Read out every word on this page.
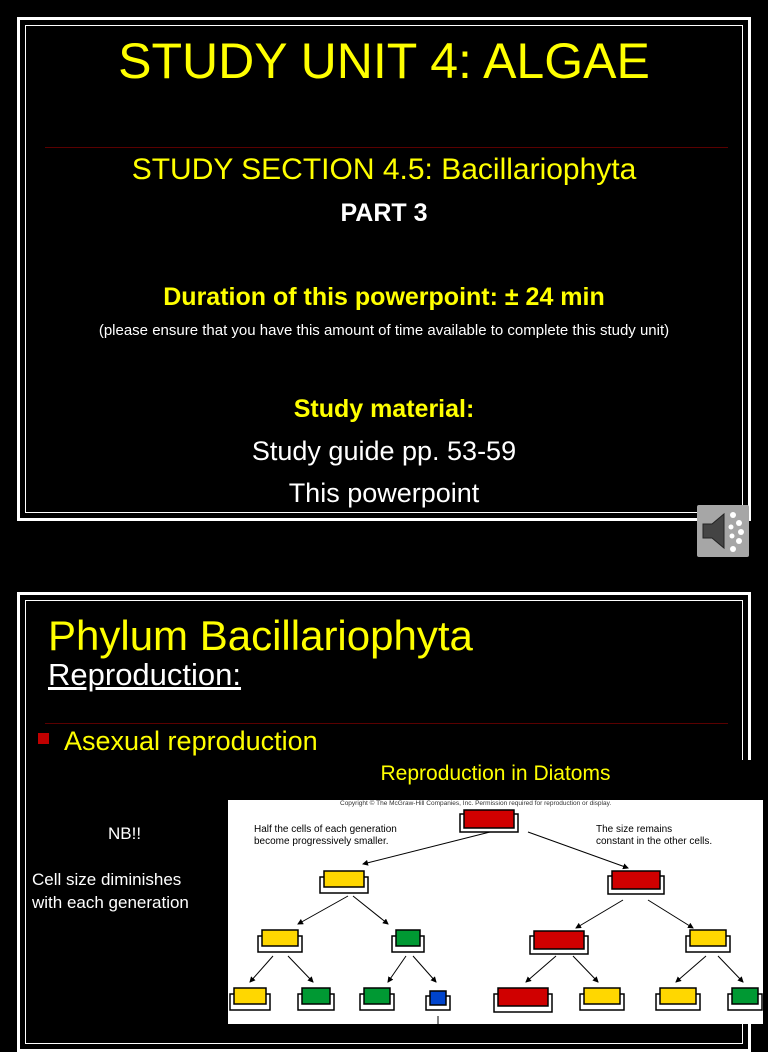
STUDY UNIT 4: ALGAE
STUDY SECTION 4.5: Bacillariophyta
PART 3
Duration of this powerpoint: ± 24 min
(please ensure that you have this amount of time available to complete this study unit)
Study material:
Study guide pp. 53-59
This powerpoint
Phylum Bacillariophyta
Reproduction:
Asexual reproduction
NB!!
Cell size diminishes
with each generation
Reproduction in Diatoms
Copyright © The McGraw-Hill Companies, Inc. Permission required for reproduction or display.
Half the cells of each generation
become progressively smaller.
The size remains
constant in the other cells.
